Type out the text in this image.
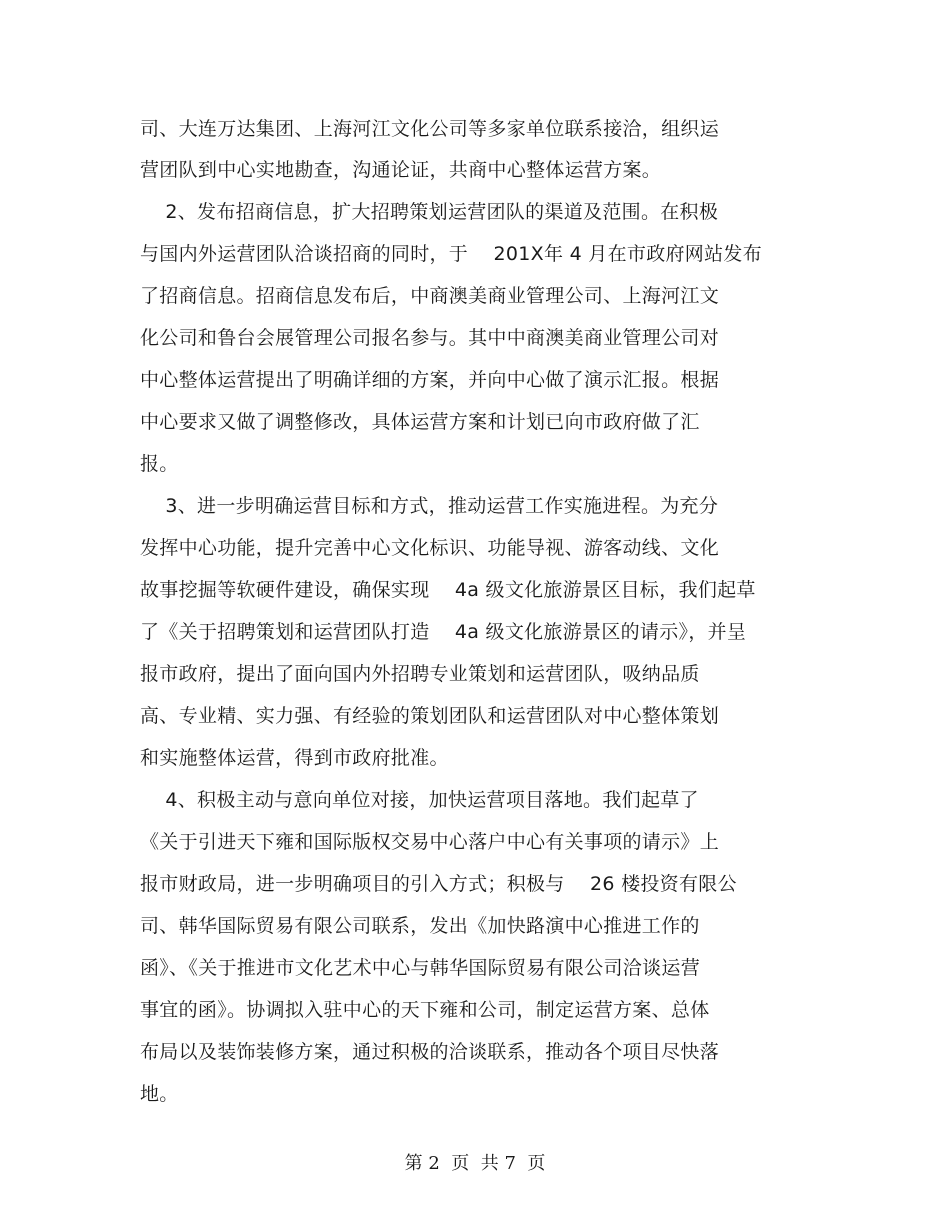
司、大连万达集团、上海河江文化公司等多家单位联系接洽，组织运
营团队到中心实地勘查，沟通论证，共商中心整体运营方案。
2、发布招商信息，扩大招聘策划运营团队的渠道及范围。在积极
与国内外运营团队洽谈招商的同时，于    201X年 4 月在市政府网站发布
了招商信息。招商信息发布后，中商澳美商业管理公司、上海河江文
化公司和鲁台会展管理公司报名参与。其中中商澳美商业管理公司对
中心整体运营提出了明确详细的方案，并向中心做了演示汇报。根据
中心要求又做了调整修改，具体运营方案和计划已向市政府做了汇
报。
3、进一步明确运营目标和方式，推动运营工作实施进程。为充分
发挥中心功能，提升完善中心文化标识、功能导视、游客动线、文化
故事挖掘等软硬件建设，确保实现    4a 级文化旅游景区目标，我们起草
了《关于招聘策划和运营团队打造    4a 级文化旅游景区的请示》，并呈
报市政府，提出了面向国内外招聘专业策划和运营团队，吸纳品质
高、专业精、实力强、有经验的策划团队和运营团队对中心整体策划
和实施整体运营，得到市政府批准。
4、积极主动与意向单位对接，加快运营项目落地。我们起草了
《关于引进天下雍和国际版权交易中心落户中心有关事项的请示》上
报市财政局，进一步明确项目的引入方式；积极与    26 楼投资有限公
司、韩华国际贸易有限公司联系，发出《加快路演中心推进工作的
函》、《关于推进市文化艺术中心与韩华国际贸易有限公司洽谈运营
事宜的函》。协调拟入驻中心的天下雍和公司，制定运营方案、总体
布局以及装饰装修方案，通过积极的洽谈联系，推动各个项目尽快落
地。
第 2  页  共 7  页
